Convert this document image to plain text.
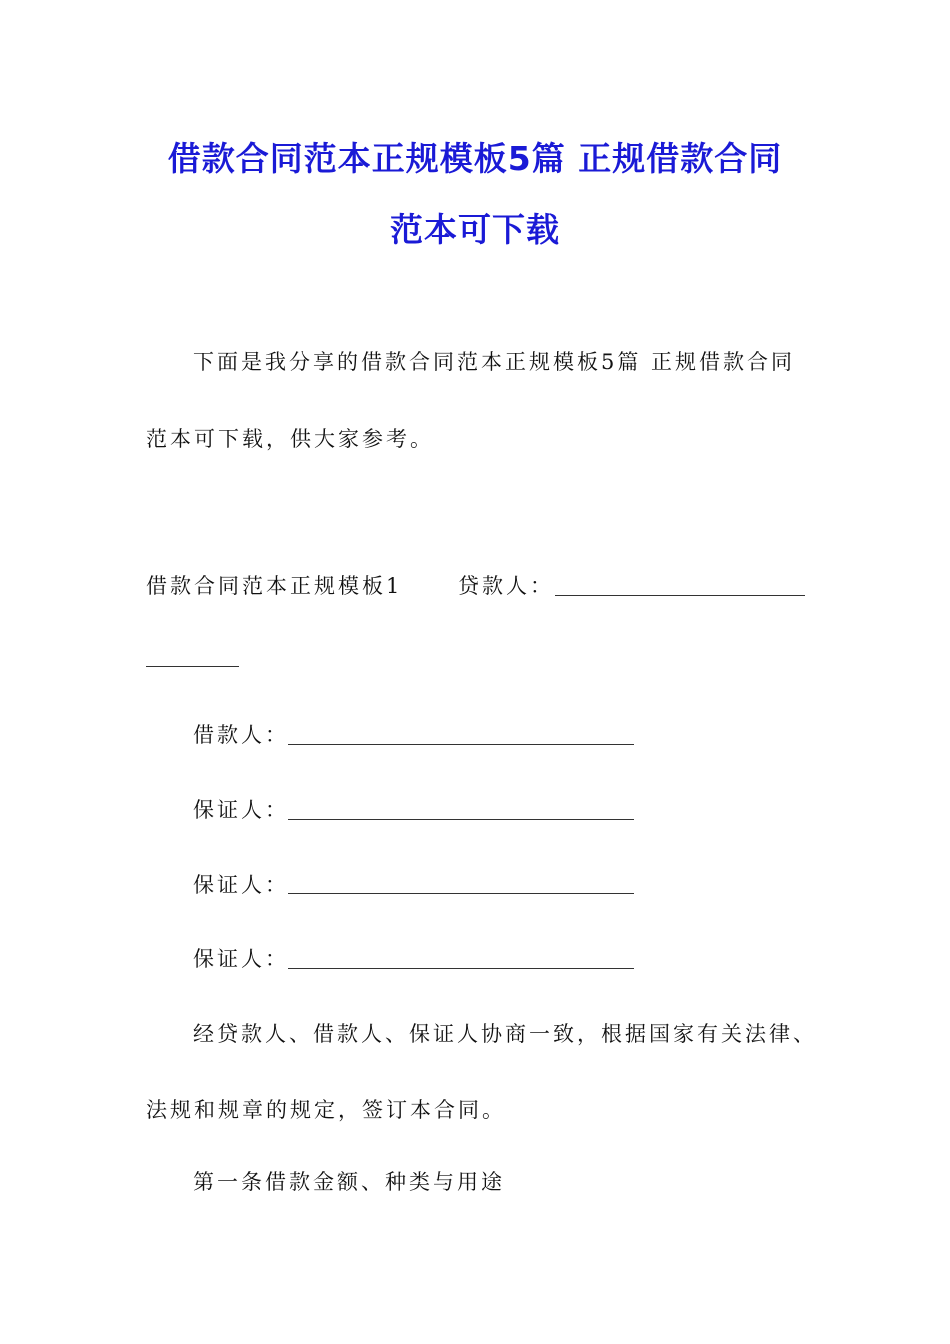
借款合同范本正规模板5篇 正规借款合同
范本可下载
下面是我分享的借款合同范本正规模板5篇 正规借款合同
范本可下载，供大家参考。
借款合同范本正规模板1	贷款人：
借款人：
保证人：
保证人：
保证人：
经贷款人、借款人、保证人协商一致，根据国家有关法律、
法规和规章的规定，签订本合同。
第一条借款金额、种类与用途
